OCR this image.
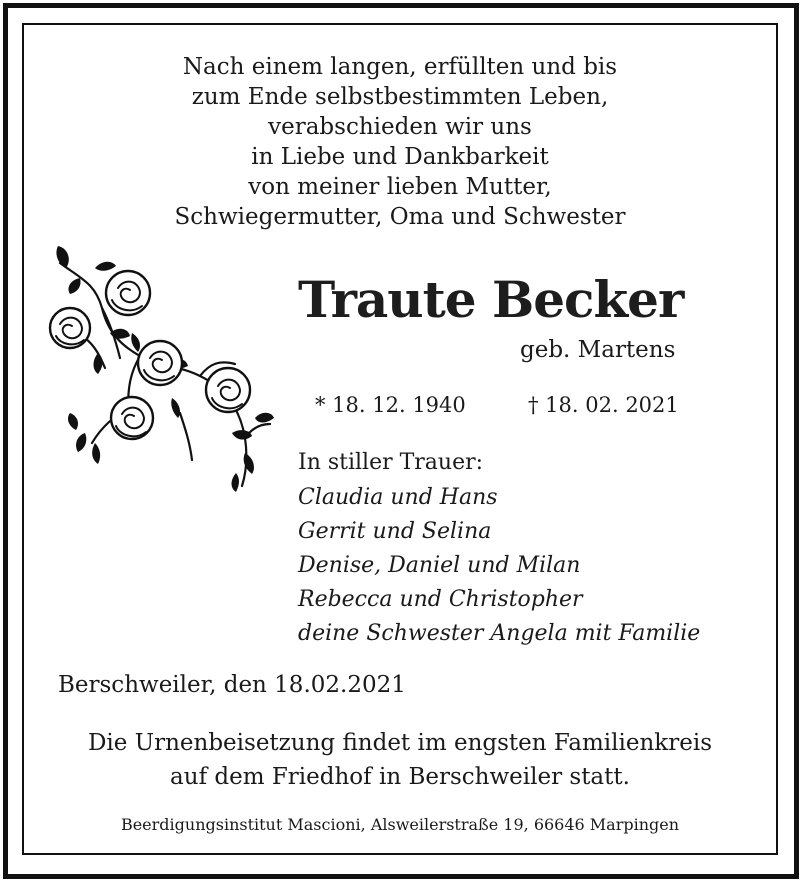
Nach einem langen, erfüllten und bis
zum Ende selbstbestimmten Leben,
verabschieden wir uns
in Liebe und Dankbarkeit
von meiner lieben Mutter,
Schwiegermutter, Oma und Schwester
Traute Becker
geb. Martens
* 18. 12. 1940	† 18. 02. 2021
In stiller Trauer:
Claudia und Hans
Gerrit und Selina
Denise, Daniel und Milan
Rebecca und Christopher
deine Schwester Angela mit Familie
Berschweiler, den 18.02.2021
Die Urnenbeisetzung findet im engsten Familienkreis
auf dem Friedhof in Berschweiler statt.
Beerdigungsinstitut Mascioni, Alsweilerstraße 19, 66646 Marpingen
